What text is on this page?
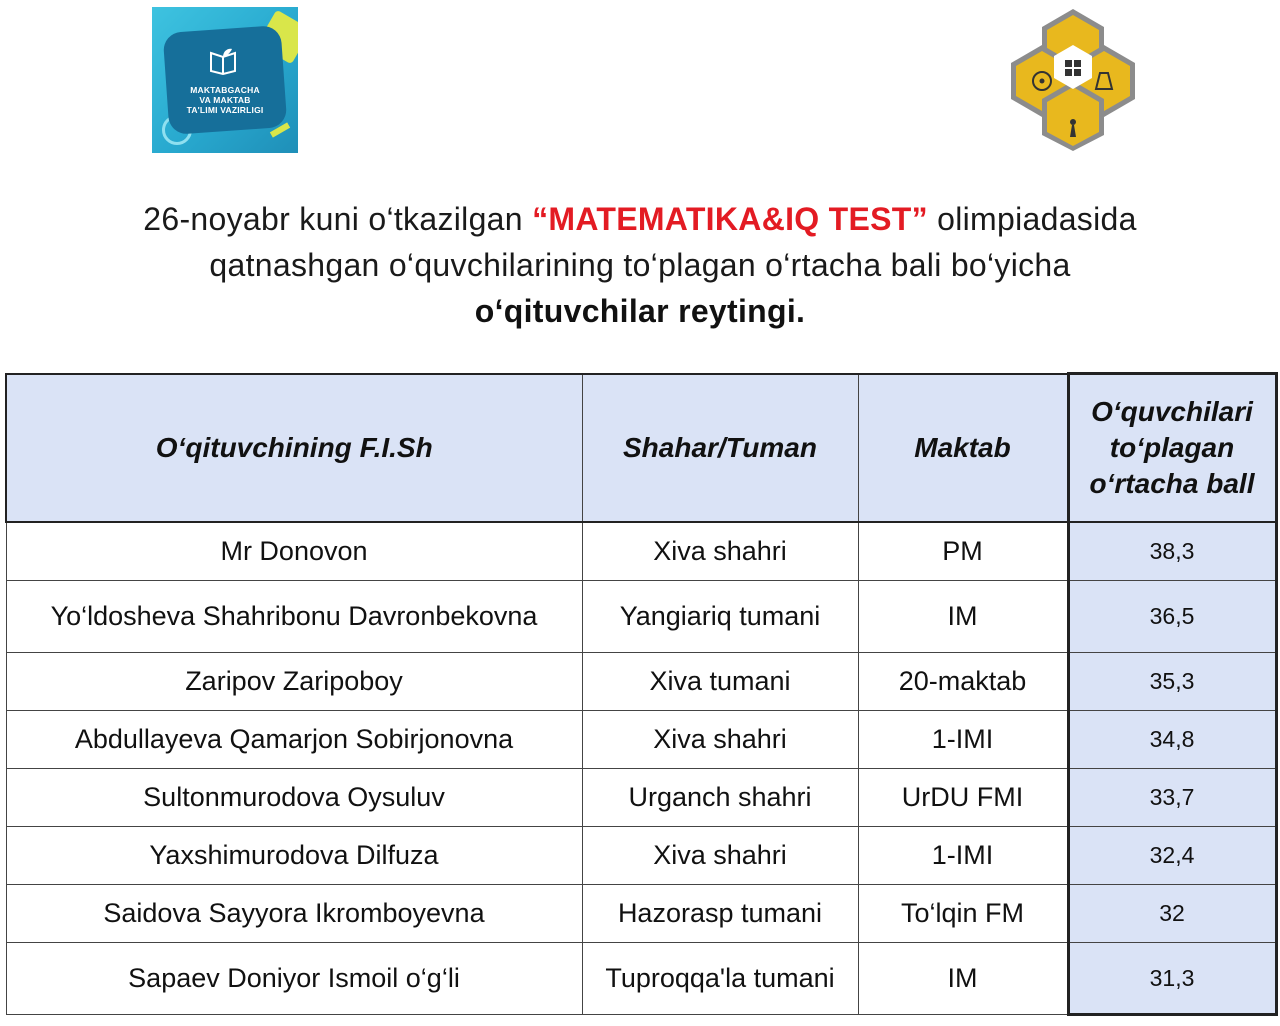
MAKTABGACHA
VA MAKTAB
TA'LIMI VAZIRLIGI
26-noyabr kuni o‘tkazilgan “MATEMATIKA&IQ TEST” olimpiadasida
qatnashgan o‘quvchilarining to‘plagan o‘rtacha bali bo‘yicha
o‘qituvchilar reytingi.
O‘qituvchining F.I.Sh	Shahar/Tuman	Maktab	O‘quvchilari to‘plagan o‘rtacha ball
Mr Donovon	Xiva shahri	PM	38,3
Yo‘ldosheva Shahribonu Davronbekovna	Yangiariq tumani	IM	36,5
Zaripov Zaripoboy	Xiva tumani	20-maktab	35,3
Abdullayeva Qamarjon Sobirjonovna	Xiva shahri	1-IMI	34,8
Sultonmurodova Oysuluv	Urganch shahri	UrDU FMI	33,7
Yaxshimurodova Dilfuza	Xiva shahri	1-IMI	32,4
Saidova Sayyora Ikromboyevna	Hazorasp tumani	To‘lqin FM	32
Sapaev Doniyor Ismoil o‘g‘li	Tuproqqa'la tumani	IM	31,3
